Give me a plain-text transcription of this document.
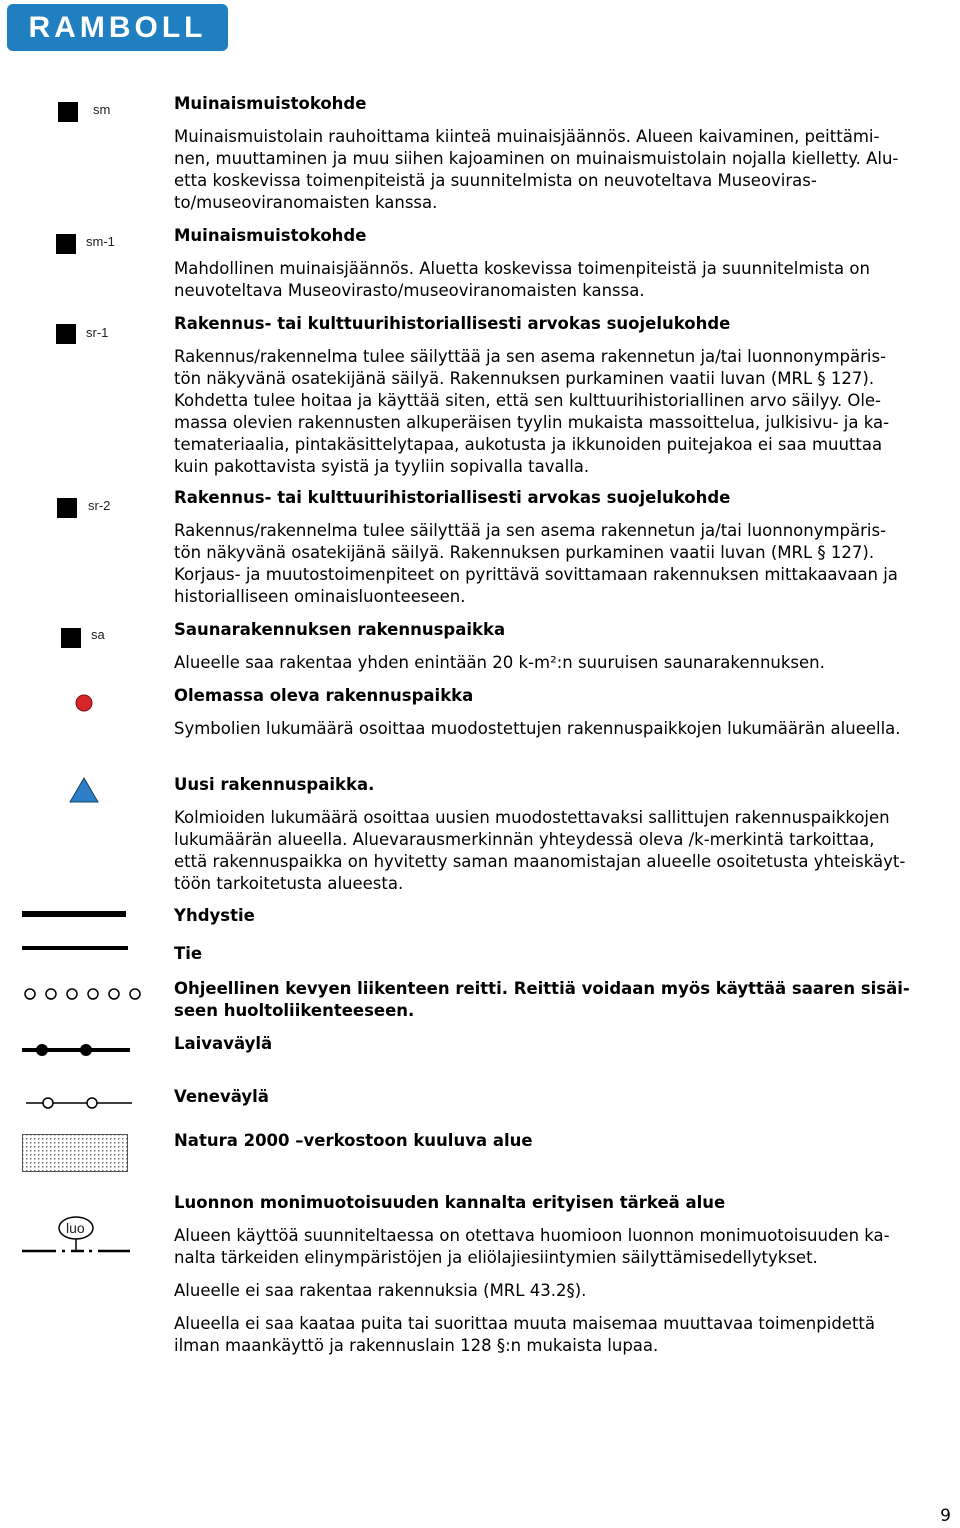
RAMBOLL
sm
sm-1
sr-1
sr-2
sa
luo
Muinaismuistokohde
Muinaismuistolain rauhoittama kiinteä muinaisjäännös. Alueen kaivaminen, peittämi-
nen, muuttaminen ja muu siihen kajoaminen on muinaismuistolain nojalla kielletty. Alu-
etta koskevissa toimenpiteistä ja suunnitelmista on neuvoteltava Museoviras-
to/museoviranomaisten kanssa.
Muinaismuistokohde
Mahdollinen muinaisjäännös. Aluetta koskevissa toimenpiteistä ja suunnitelmista on
neuvoteltava Museovirasto/museoviranomaisten kanssa.
Rakennus- tai kulttuurihistoriallisesti arvokas suojelukohde
Rakennus/rakennelma tulee säilyttää ja sen asema rakennetun ja/tai luonnonympäris-
tön näkyvänä osatekijänä säilyä. Rakennuksen purkaminen vaatii luvan (MRL § 127).
Kohdetta tulee hoitaa ja käyttää siten, että sen kulttuurihistoriallinen arvo säilyy. Ole-
massa olevien rakennusten alkuperäisen tyylin mukaista massoittelua, julkisivu- ja ka-
temateriaalia, pintakäsittelytapaa, aukotusta ja ikkunoiden puitejakoa ei saa muuttaa
kuin pakottavista syistä ja tyyliin sopivalla tavalla.
Rakennus- tai kulttuurihistoriallisesti arvokas suojelukohde
Rakennus/rakennelma tulee säilyttää ja sen asema rakennetun ja/tai luonnonympäris-
tön näkyvänä osatekijänä säilyä. Rakennuksen purkaminen vaatii luvan (MRL § 127).
Korjaus- ja muutostoimenpiteet on pyrittävä sovittamaan rakennuksen mittakaavaan ja
historialliseen ominaisluonteeseen.
Saunarakennuksen rakennuspaikka
Alueelle saa rakentaa yhden enintään 20 k-m²:n suuruisen saunarakennuksen.
Olemassa oleva rakennuspaikka
Symbolien lukumäärä osoittaa muodostettujen rakennuspaikkojen lukumäärän alueella.
Uusi rakennuspaikka.
Kolmioiden lukumäärä osoittaa uusien muodostettavaksi sallittujen rakennuspaikkojen
lukumäärän alueella. Aluevarausmerkinnän yhteydessä oleva /k-merkintä tarkoittaa,
että rakennuspaikka on hyvitetty saman maanomistajan alueelle osoitetusta yhteiskäyt-
töön tarkoitetusta alueesta.
Yhdystie
Tie
Ohjeellinen kevyen liikenteen reitti. Reittiä voidaan myös käyttää saaren sisäi-
seen huoltoliikenteeseen.
Laivaväylä
Veneväylä
Natura 2000 –verkostoon kuuluva alue
Luonnon monimuotoisuuden kannalta erityisen tärkeä alue
Alueen käyttöä suunniteltaessa on otettava huomioon luonnon monimuotoisuuden ka-
nalta tärkeiden elinympäristöjen ja eliölajiesiintymien säilyttämisedellytykset.
Alueelle ei saa rakentaa rakennuksia (MRL 43.2§).
Alueella ei saa kaataa puita tai suorittaa muuta maisemaa muuttavaa toimenpidettä
ilman maankäyttö ja rakennuslain 128 §:n mukaista lupaa.
9
